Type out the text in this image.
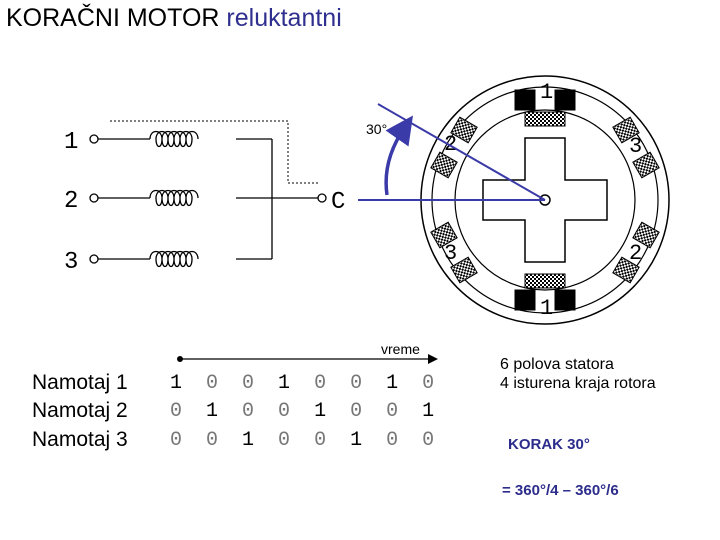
KORAČNI MOTOR reluktantni
1
2
3
C
1
2	3
3	2
1
30°
vreme
Namotaj 1
Namotaj 2
Namotaj 3
1  0  0  1  0  0  1  0
0  1  0  0  1  0  0  1
0  0  1  0  0  1  0  0
6 polova statora
4 isturena kraja rotora
KORAK 30°
= 360°/4 – 360°/6
